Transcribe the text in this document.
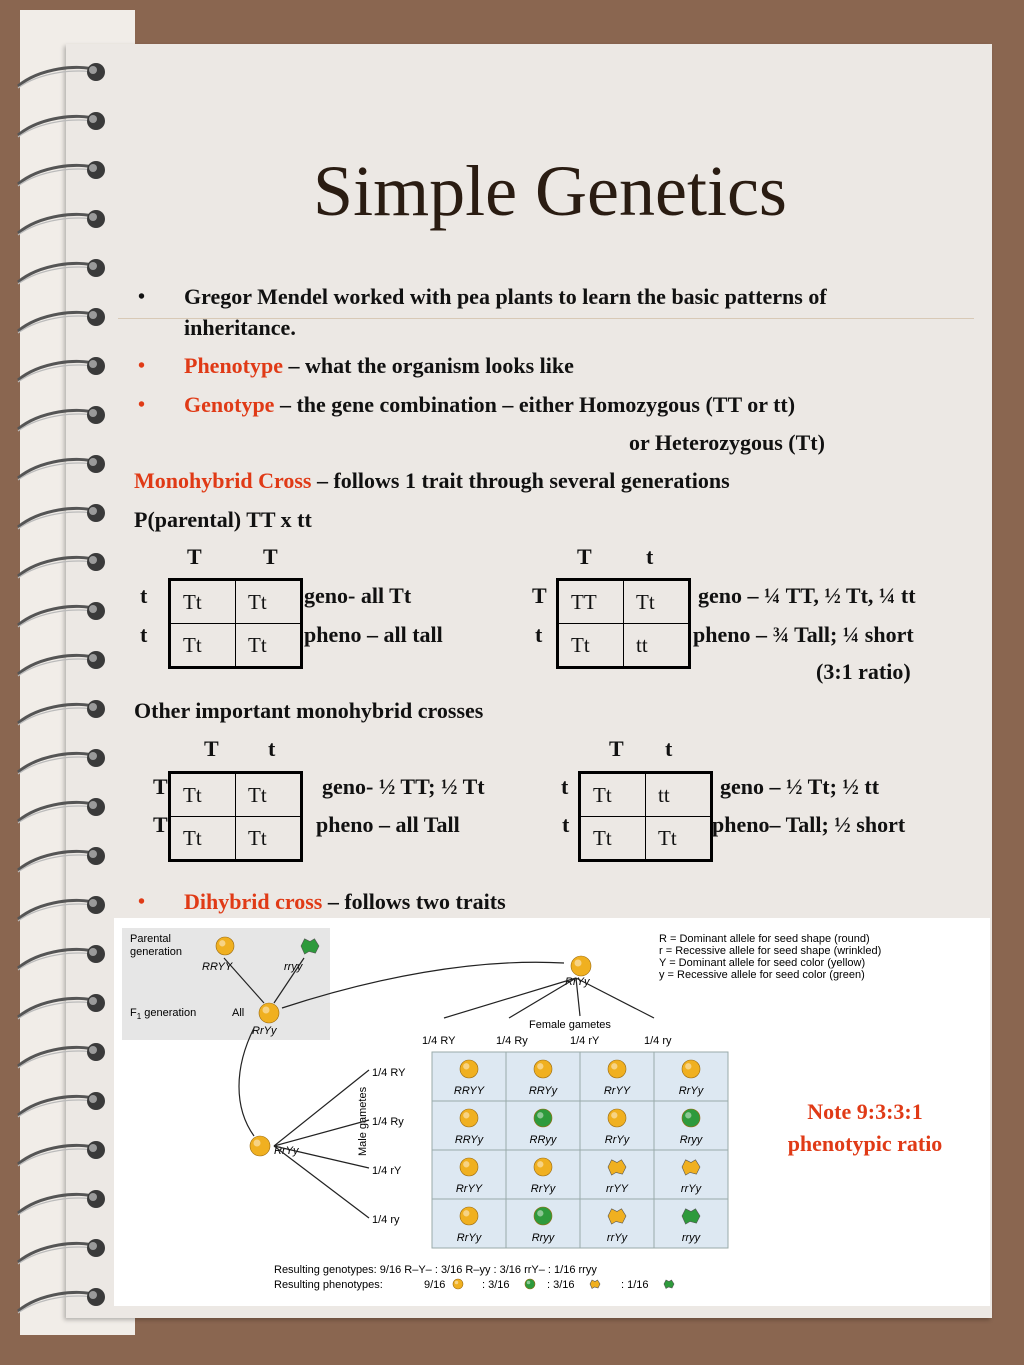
Simple Genetics
• Gregor Mendel worked with pea plants to learn the basic patterns of
inheritance.
• Phenotype – what the organism looks like
• Genotype – the gene combination – either Homozygous (TT or tt)
or Heterozygous (Tt)
Monohybrid Cross – follows 1 trait through several generations
P(parental) TT x tt
T	T
t
t
Tt	Tt
Tt	Tt
geno- all Tt
pheno – all tall
T t
T
t
TT	Tt
Tt	tt
geno – ¼ TT, ½ Tt, ¼ tt
pheno – ¾ Tall; ¼ short
(3:1 ratio)
Other important monohybrid crosses
T t
T
T
Tt	Tt
Tt	Tt
geno- ½ TT; ½ Tt
pheno – all Tall
T t
t
t
Tt	tt
Tt	Tt
geno – ½ Tt; ½ tt
pheno– Tall; ½ short
• Dihybrid cross – follows two traits
Parental
generation
RRYY	rryy
$F_1$ generation	All
RrYy
RrYy
RrYy
Female gametes
Male gametes
R = Dominant allele for seed shape (round)
r = Recessive allele for seed shape (wrinkled)
Y = Dominant allele for seed color (yellow)
y = Recessive allele for seed color (green)
Resulting genotypes: 9/16 R–Y– : 3/16 R–yy : 3/16 rrY– : 1/16 rryy
Resulting phenotypes:
1/4 RY	1/4 Ry	1/4 rY	1/4 ry
1/4 RY
1/4 Ry
1/4 rY
1/4 ry
RRYY	RRYy	RrYY	RrYy
RRYy	RRyy	RrYy	Rryy
RrYY	RrYy	rrYY	rrYy
RrYy	Rryy	rrYy	rryy
9/16	: 3/16	: 3/16	: 1/16
Note 9:3:3:1
phenotypic ratio
